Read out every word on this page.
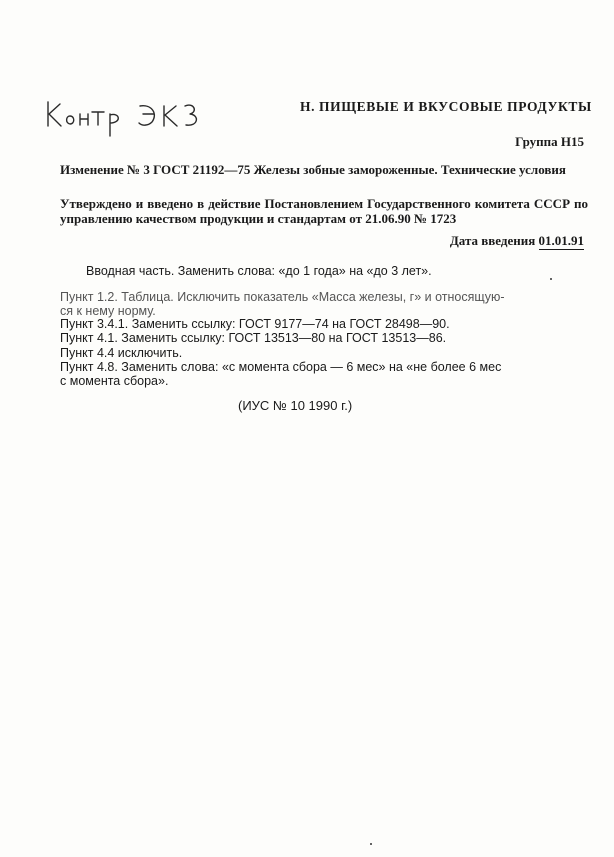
Н. ПИЩЕВЫЕ И ВКУСОВЫЕ ПРОДУКТЫ
Группа Н15
Изменение № 3 ГОСТ 21192—75 Железы зобные замороженные. Технические условия
Утверждено и введено в действие Постановлением Государственного комитета СССР по управлению качеством продукции и стандартам от 21.06.90 № 1723
Дата введения 01.01.91
Вводная часть. Заменить слова: «до 1 года» на «до 3 лет».
Пункт 1.2. Таблица. Исключить показатель «Масса железы, г» и относящую-
ся к нему норму.
Пункт 3.4.1. Заменить ссылку: ГОСТ 9177—74 на ГОСТ 28498—90.
Пункт 4.1. Заменить ссылку: ГОСТ 13513—80 на ГОСТ 13513—86.
Пункт 4.4 исключить.
Пункт 4.8. Заменить слова: «с момента сбора — 6 мес» на «не более 6 мес
с момента сбора».
(ИУС № 10 1990 г.)
